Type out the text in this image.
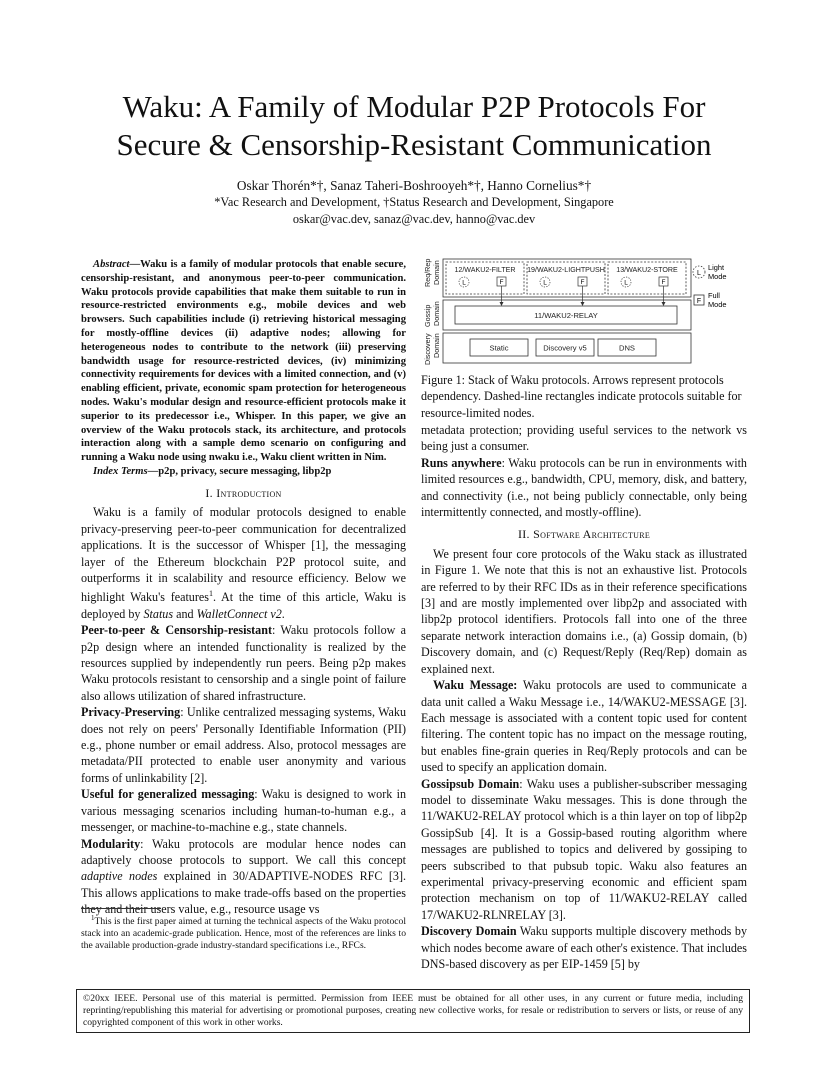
Waku: A Family of Modular P2P Protocols For
Secure & Censorship-Resistant Communication
Oskar Thorén*†, Sanaz Taheri-Boshrooyeh*†, Hanno Cornelius*†
*Vac Research and Development, †Status Research and Development, Singapore
oskar@vac.dev, sanaz@vac.dev, hanno@vac.dev

Abstract—Waku is a family of modular protocols that enable secure, censorship-resistant, and anonymous peer-to-peer communication. Waku protocols provide capabilities that make them suitable to run in resource-restricted environments e.g., mobile devices and web browsers. Such capabilities include (i) retrieving historical messaging for mostly-offline devices (ii) adaptive nodes; allowing for heterogeneous nodes to contribute to the network (iii) preserving bandwidth usage for resource-restricted devices, (iv) minimizing connectivity requirements for devices with a limited connection, and (v) enabling efficient, private, economic spam protection for heterogeneous nodes. Waku's modular design and resource-efficient protocols make it superior to its predecessor i.e., Whisper. In this paper, we give an overview of the Waku protocols stack, its architecture, and protocols interaction along with a sample demo scenario on configuring and running a Waku node using nwaku i.e., Waku client written in Nim.

Index Terms—p2p, privacy, secure messaging, libp2p

I. Introduction

Waku is a family of modular protocols designed to enable privacy-preserving peer-to-peer communication for decentralized applications. It is the successor of Whisper [1], the messaging layer of the Ethereum blockchain P2P protocol suite, and outperforms it in scalability and resource efficiency. Below we highlight Waku's features$^1$. At the time of this article, Waku is deployed by Status and WalletConnect v2.

Peer-to-peer & Censorship-resistant: Waku protocols follow a p2p design where an intended functionality is realized by the resources supplied by independently run peers. Being p2p makes Waku protocols resistant to censorship and a single point of failure also allows utilization of shared infrastructure.

Privacy-Preserving: Unlike centralized messaging systems, Waku does not rely on peers' Personally Identifiable Information (PII) e.g., phone number or email address. Also, protocol messages are metadata/PII protected to enable user anonymity and various forms of unlinkability [2].

Useful for generalized messaging: Waku is designed to work in various messaging scenarios including human-to-human e.g., a messenger, or machine-to-machine e.g., state channels.

Modularity: Waku protocols are modular hence nodes can adaptively choose protocols to support. We call this concept adaptive nodes explained in 30/ADAPTIVE-NODES RFC [3]. This allows applications to make trade-offs based on the properties they and their users value, e.g., resource usage vs

$^1$This is the first paper aimed at turning the technical aspects of the Waku protocol stack into an academic-grade publication. Hence, most of the references are links to the available production-grade industry-standard specifications i.e., RFCs.

Req/Rep
Gossip
Discovery
Domain
Domain
Domain
12/WAKU2-FILTER
L	F
19/WAKU2-LIGHTPUSH
L	F
13/WAKU2-STORE
L	F
11/WAKU2-RELAY
Static	Discovery v5	DNS
L
Light
Mode
F
Full
Mode
Figure 1: Stack of Waku protocols. Arrows represent protocols dependency. Dashed-line rectangles indicate protocols suitable for resource-limited nodes.

metadata protection; providing useful services to the network vs being just a consumer.

Runs anywhere: Waku protocols can be run in environments with limited resources e.g., bandwidth, CPU, memory, disk, and battery, and connectivity (i.e., not being publicly connectable, only being intermittently connected, and mostly-offline).

II. Software Architecture

We present four core protocols of the Waku stack as illustrated in Figure 1. We note that this is not an exhaustive list. Protocols are referred to by their RFC IDs as in their reference specifications [3] and are mostly implemented over libp2p and associated with libp2p protocol identifiers. Protocols fall into one of the three separate network interaction domains i.e., (a) Gossip domain, (b) Discovery domain, and (c) Request/Reply (Req/Rep) domain as explained next.

Waku Message: Waku protocols are used to communicate a data unit called a Waku Message i.e., 14/WAKU2-MESSAGE [3]. Each message is associated with a content topic used for content filtering. The content topic has no impact on the message routing, but enables fine-grain queries in Req/Reply protocols and can be used to specify an application domain.

Gossipsub Domain: Waku uses a publisher-subscriber messaging model to disseminate Waku messages. This is done through the 11/WAKU2-RELAY protocol which is a thin layer on top of libp2p GossipSub [4]. It is a Gossip-based routing algorithm where messages are published to topics and delivered by gossiping to peers subscribed to that pubsub topic. Waku also features an experimental privacy-preserving economic and efficient spam protection mechanism on top of 11/WAKU2-RELAY called 17/WAKU2-RLNRELAY [3].

Discovery Domain Waku supports multiple discovery methods by which nodes become aware of each other's existence. That includes DNS-based discovery as per EIP-1459 [5] by

©20xx IEEE. Personal use of this material is permitted. Permission from IEEE must be obtained for all other uses, in any current or future media, including reprinting/republishing this material for advertising or promotional purposes, creating new collective works, for resale or redistribution to servers or lists, or reuse of any copyrighted component of this work in other works.
